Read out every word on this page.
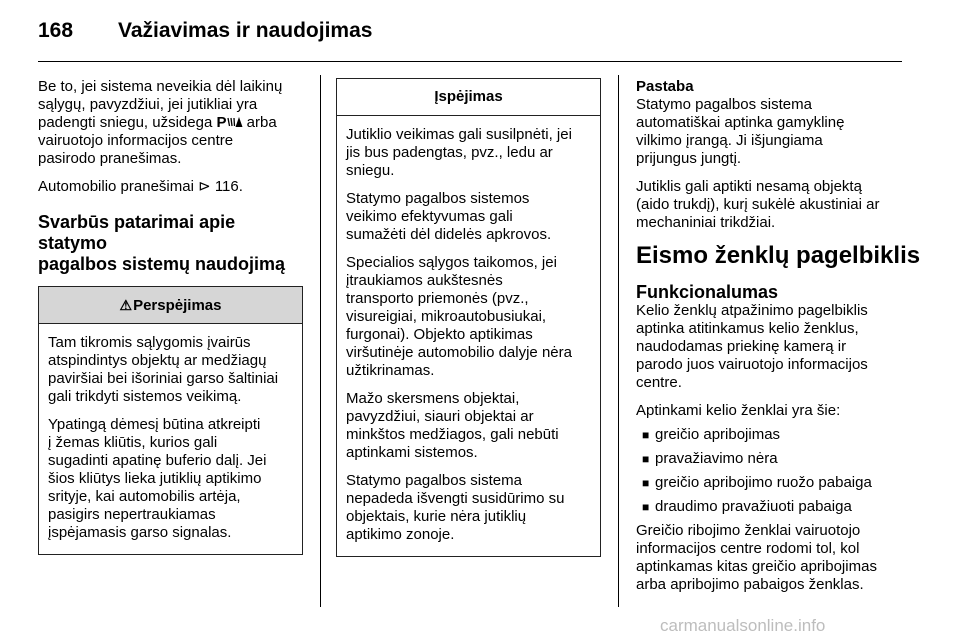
168 Važiavimas ir naudojimas

Be to, jei sistema neveikia dėl laikinų
sąlygų, pavyzdžiui, jei jutikliai yra
padengti sniegu, užsidega P arba
vairuotojo informacijos centre
pasirodo pranešimas.

Automobilio pranešimai ⊳ 116.

Svarbūs patarimai apie statymo
pagalbos sistemų naudojimą
⚠Perspėjimas

Tam tikromis sąlygomis įvairūs
atspindintys objektų ar medžiagų
paviršiai bei išoriniai garso šaltiniai
gali trikdyti sistemos veikimą.

Ypatingą dėmesį būtina atkreipti
į žemas kliūtis, kurios gali
sugadinti apatinę buferio dalį. Jei
šios kliūtys lieka jutiklių aptikimo
srityje, kai automobilis artėja,
pasigirs nepertraukiamas
įspėjamasis garso signalas.

Įspėjimas

Jutiklio veikimas gali susilpnėti, jei
jis bus padengtas, pvz., ledu ar
sniegu.

Statymo pagalbos sistemos
veikimo efektyvumas gali
sumažėti dėl didelės apkrovos.

Specialios sąlygos taikomos, jei
įtraukiamos aukštesnės
transporto priemonės (pvz.,
visureigiai, mikroautobusiukai,
furgonai). Objekto aptikimas
viršutinėje automobilio dalyje nėra
užtikrinamas.

Mažo skersmens objektai,
pavyzdžiui, siauri objektai ar
minkštos medžiagos, gali nebūti
aptinkami sistemos.

Statymo pagalbos sistema
nepadeda išvengti susidūrimo su
objektais, kurie nėra jutiklių
aptikimo zonoje.

Pastaba

Statymo pagalbos sistema
automatiškai aptinka gamyklinę
vilkimo įrangą. Ji išjungiama
prijungus jungtį.

Jutiklis gali aptikti nesamą objektą
(aido trukdį), kurį sukėlė akustiniai ar
mechaniniai trikdžiai.

Eismo ženklų pagelbiklis
Funkcionalumas

Kelio ženklų atpažinimo pagelbiklis
aptinka atitinkamus kelio ženklus,
naudodamas priekinę kamerą ir
parodo juos vairuotojo informacijos
centre.

Aptinkami kelio ženklai yra šie:

■ greičio apribojimas
■ pravažiavimo nėra
■ greičio apribojimo ruožo pabaiga
■ draudimo pravažiuoti pabaiga

Greičio ribojimo ženklai vairuotojo
informacijos centre rodomi tol, kol
aptinkamas kitas greičio apribojimas
arba apribojimo pabaigos ženklas.

carmanualsonline.info
